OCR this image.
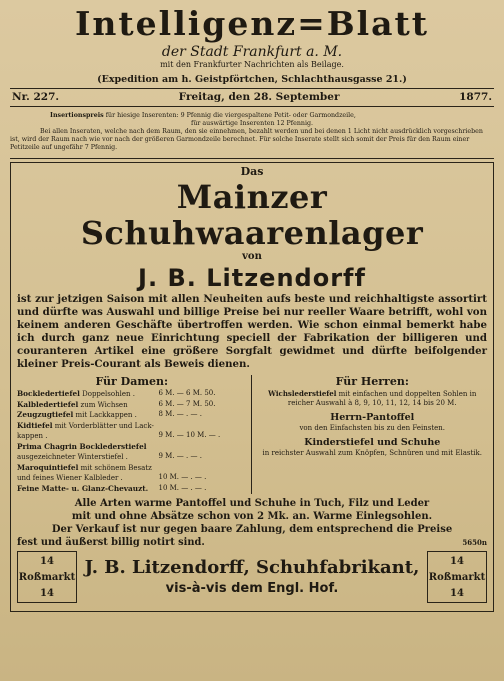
Intelligenz=Blatt
der Stadt Frankfurt a. M.
mit den Frankfurter Nachrichten als Beilage.
(Expedition am h. Geistpförtchen, Schlachthausgasse 21.)
Nr. 227.	Freitag, den 28. September	1877.
Insertionspreis für hiesige Inserenten: 9 Pfennig die viergespaltene Petit- oder Garmondzeile,
für auswärtige Inserenten 12 Pfennig.
Bei allen Inseraten, welche nach dem Raum, den sie einnehmen, bezahlt werden und bei denen 1 Licht nicht ausdrücklich vorgeschrieben ist, wird der Raum nach wie vor nach der größeren Garmondzeile berechnet. Für solche Inserate stellt sich somit der Preis für den Raum einer Petitzeile auf ungefähr 7 Pfennig.
Das
Mainzer Schuhwaarenlager
von
J. B. Litzendorff
ist zur jetzigen Saison mit allen Neuheiten aufs beste und reichhaltigste assortirt und dürfte was Auswahl und billige Preise bei nur reeller Waare betrifft, wohl von keinem anderen Geschäfte übertroffen werden. Wie schon einmal bemerkt habe ich durch ganz neue Einrichtung speciell der Fabrikation der billigeren und couranteren Artikel eine größere Sorgfalt gewidmet und dürfte beifolgender kleiner Preis-Courant als Beweis dienen.
Für Damen:
Bockledertiefel Doppelsohlen .	6 M. — 6 M. 50.
Kalbledertiefel zum Wichsen	6 M. — 7 M. 50.
Zeugzugtiefel mit Lackkappen .	8 M. — . — .
Kidtiefel mit Vorderblätter und Lack-
kappen .	9 M. — 10 M. — .
Prima Chagrin Bocklederstiefel
ausgezeichneter Winterstiefel .	9 M. — . — .
Maroquintiefel mit schönem Besatz
und feines Wiener Kalbleder .	10 M. — . — .
Feine Matte- u. Glanz-Chevauzt.	10 M. — . — .
Für Herren:
Wichslederstiefel mit einfachen und doppelten Sohlen in
reicher Auswahl à 8, 9, 10, 11, 12, 14 bis 20 M.
Herrn-Pantoffel
von den Einfachsten bis zu den Feinsten.
Kinderstiefel und Schuhe
in reichster Auswahl zum Knöpfen, Schnüren und mit Elastik.
Alle Arten warme Pantoffel und Schuhe in Tuch, Filz und Leder
mit und ohne Absätze schon von 2 Mk. an. Warme Einlegsohlen.
Der Verkauf ist nur gegen baare Zahlung, dem entsprechend die Preise
fest und äußerst billig notirt sind.	5650n
14
Roßmarkt
14
J. B. Litzendorff, Schuhfabrikant,
vis-à-vis dem Engl. Hof.
14
Roßmarkt
14
